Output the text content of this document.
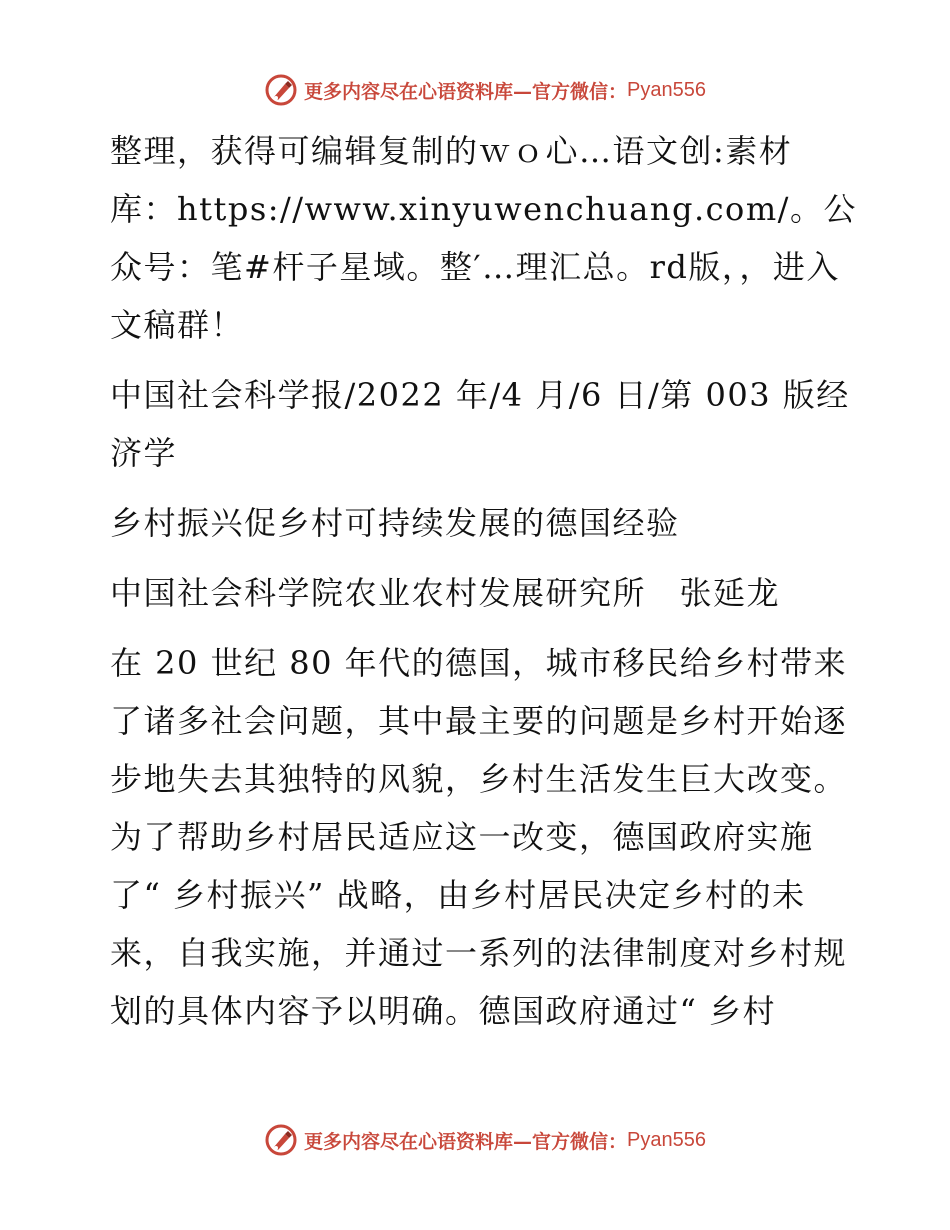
更多内容尽在心语资料库—官方微信： Pyan556

整理，获得可编辑复制的ｗｏ心…语文创:素材库：https://www.xinyuwenchuang.com/。公众号：笔#杆子星域。整′…理汇总。rd版，，进入文稿群！

中国社会科学报/2022 年/4 月/6 日/第 003 版经济学

乡村振兴促乡村可持续发展的德国经验

中国社会科学院农业农村发展研究所　张延龙

在 20 世纪 80 年代的德国，城市移民给乡村带来了诸多社会问题，其中最主要的问题是乡村开始逐步地失去其独特的风貌，乡村生活发生巨大改变。为了帮助乡村居民适应这一改变，德国政府实施了“ 乡村振兴” 战略，由乡村居民决定乡村的未来，自我实施，并通过一系列的法律制度对乡村规划的具体内容予以明确。德国政府通过“ 乡村

更多内容尽在心语资料库—官方微信： Pyan556
